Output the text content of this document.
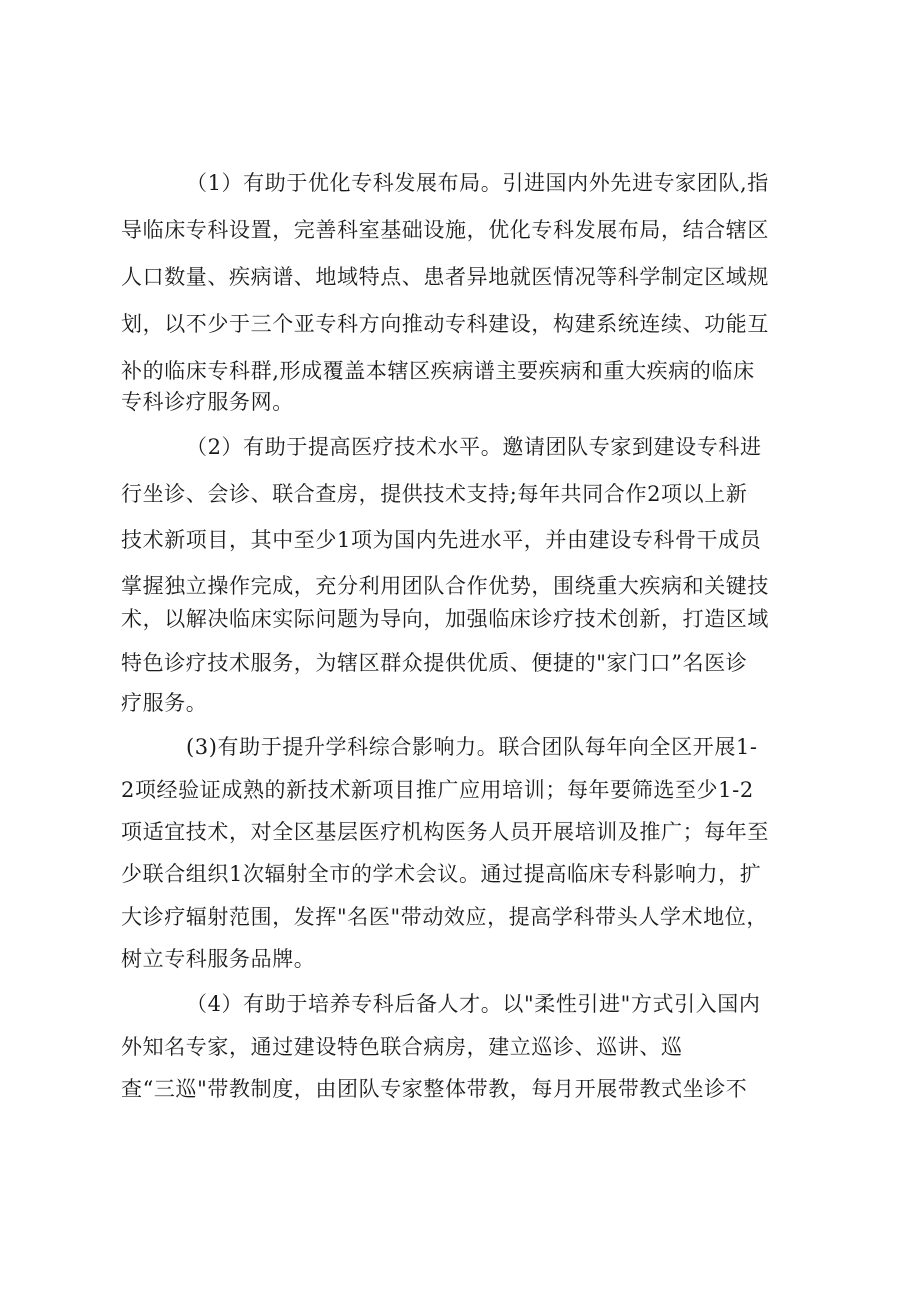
（1）有助于优化专科发展布局。引进国内外先进专家团队,指
导临床专科设置，完善科室基础设施，优化专科发展布局，结合辖区
人口数量、疾病谱、地域特点、患者异地就医情况等科学制定区域规
划，以不少于三个亚专科方向推动专科建设，构建系统连续、功能互
补的临床专科群,形成覆盖本辖区疾病谱主要疾病和重大疾病的临床
专科诊疗服务网。
（2）有助于提高医疗技术水平。邀请团队专家到建设专科进
行坐诊、会诊、联合查房，提供技术支持;每年共同合作2项以上新
技术新项目，其中至少1项为国内先进水平，并由建设专科骨干成员
掌握独立操作完成，充分利用团队合作优势，围绕重大疾病和关键技
术，以解决临床实际问题为导向，加强临床诊疗技术创新，打造区域
特色诊疗技术服务，为辖区群众提供优质、便捷的"家门口”名医诊
疗服务。
(3)有助于提升学科综合影响力。联合团队每年向全区开展1-
2项经验证成熟的新技术新项目推广应用培训；每年要筛选至少1-2
项适宜技术，对全区基层医疗机构医务人员开展培训及推广；每年至
少联合组织1次辐射全市的学术会议。通过提高临床专科影响力，扩
大诊疗辐射范围，发挥"名医"带动效应，提高学科带头人学术地位，
树立专科服务品牌。
（4）有助于培养专科后备人才。以"柔性引进"方式引入国内
外知名专家，通过建设特色联合病房，建立巡诊、巡讲、巡
查“三巡"带教制度，由团队专家整体带教，每月开展带教式坐诊不
